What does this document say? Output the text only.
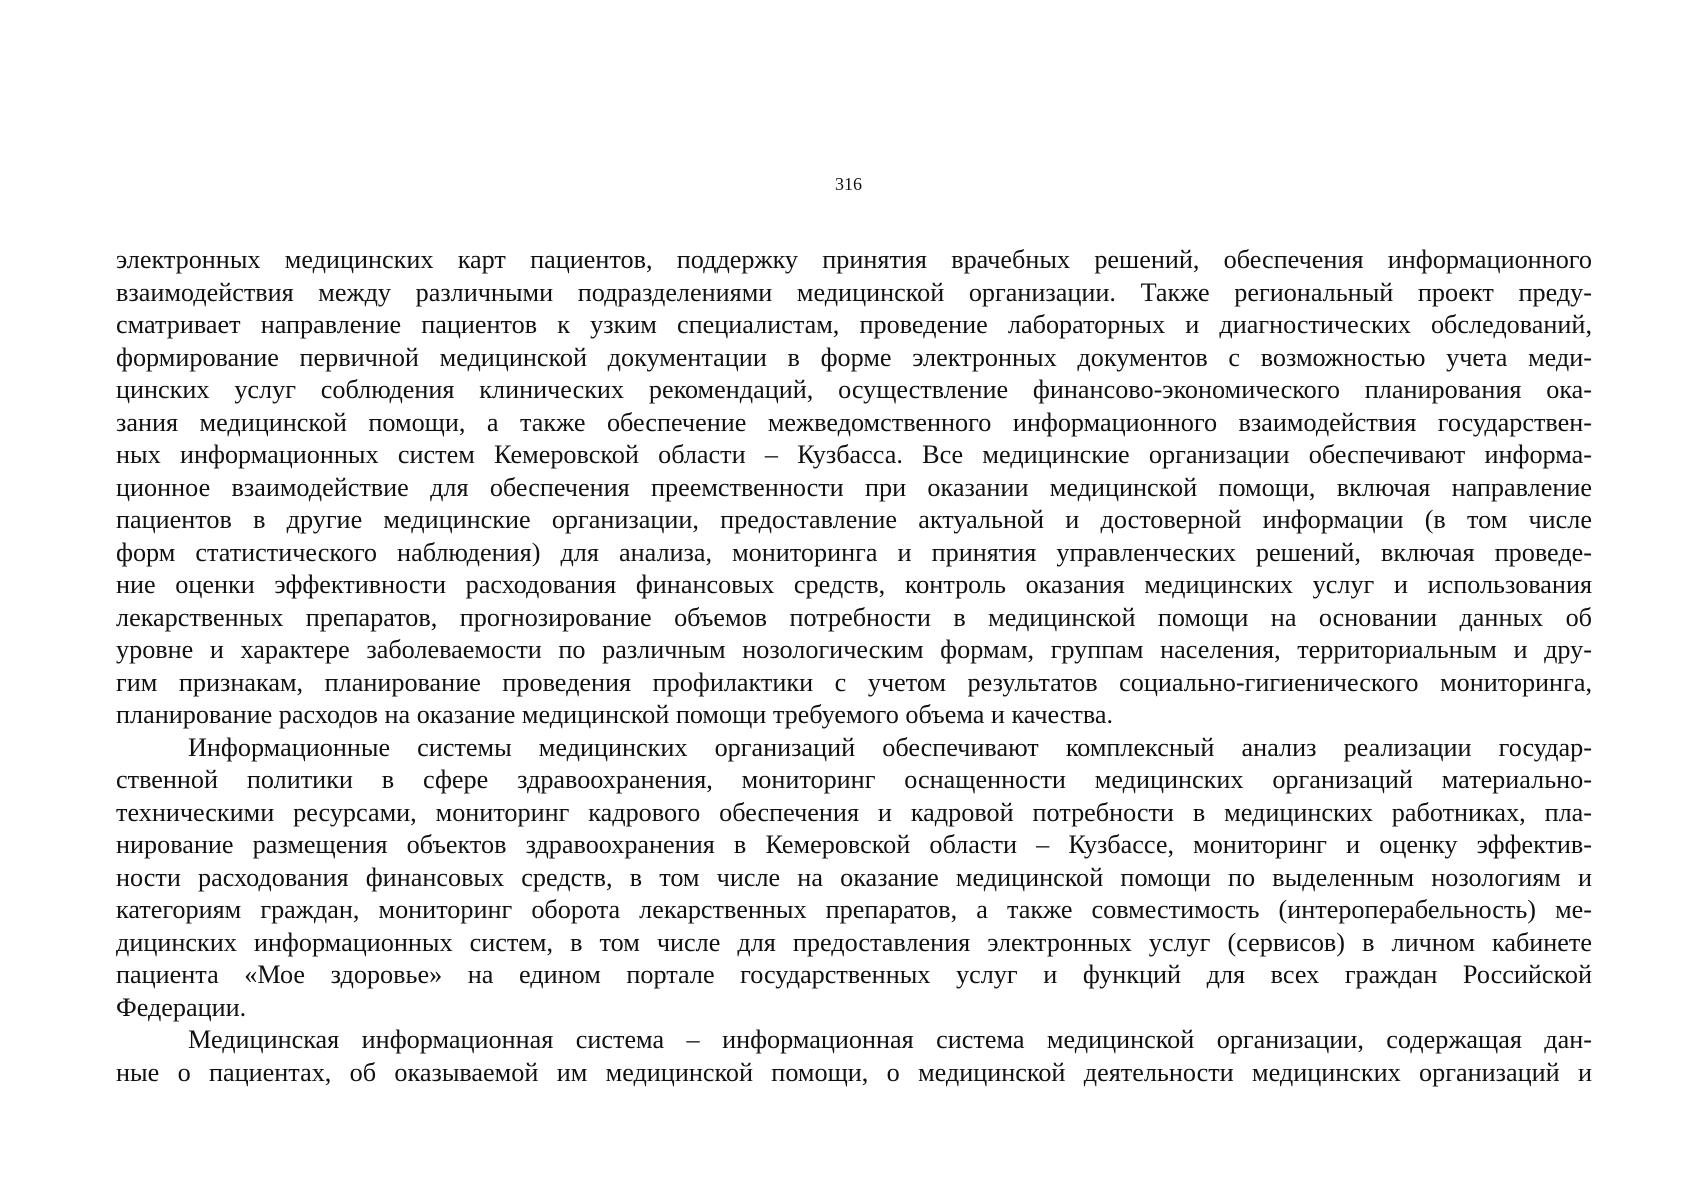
316
электронных медицинских карт пациентов, поддержку принятия врачебных решений, обеспечения информационного
взаимодействия между различными подразделениями медицинской организации. Также региональный проект преду-
сматривает направление пациентов к узким специалистам, проведение лабораторных и диагностических обследований,
формирование первичной медицинской документации в форме электронных документов с возможностью учета меди-
цинских услуг соблюдения клинических рекомендаций, осуществление финансово-экономического планирования ока-
зания медицинской помощи, а также обеспечение межведомственного информационного взаимодействия государствен-
ных информационных систем Кемеровской области – Кузбасса. Все медицинские организации обеспечивают информа-
ционное взаимодействие для обеспечения преемственности при оказании медицинской помощи, включая направление
пациентов в другие медицинские организации, предоставление актуальной и достоверной информации (в том числе
форм статистического наблюдения) для анализа, мониторинга и принятия управленческих решений, включая проведе-
ние оценки эффективности расходования финансовых средств, контроль оказания медицинских услуг и использования
лекарственных препаратов, прогнозирование объемов потребности в медицинской помощи на основании данных об
уровне и характере заболеваемости по различным нозологическим формам, группам населения, территориальным и дру-
гим признакам, планирование проведения профилактики с учетом результатов социально-гигиенического мониторинга,
планирование расходов на оказание медицинской помощи требуемого объема и качества.
Информационные системы медицинских организаций обеспечивают комплексный анализ реализации государ-
ственной политики в сфере здравоохранения, мониторинг оснащенности медицинских организаций материально-
техническими ресурсами, мониторинг кадрового обеспечения и кадровой потребности в медицинских работниках, пла-
нирование размещения объектов здравоохранения в Кемеровской области – Кузбассе, мониторинг и оценку эффектив-
ности расходования финансовых средств, в том числе на оказание медицинской помощи по выделенным нозологиям и
категориям граждан, мониторинг оборота лекарственных препаратов, а также совместимость (интероперабельность) ме-
дицинских информационных систем, в том числе для предоставления электронных услуг (сервисов) в личном кабинете
пациента «Мое здоровье» на едином портале государственных услуг и функций для всех граждан Российской
Федерации.
Медицинская информационная система – информационная система медицинской организации, содержащая дан-
ные о пациентах, об оказываемой им медицинской помощи, о медицинской деятельности медицинских организаций и
